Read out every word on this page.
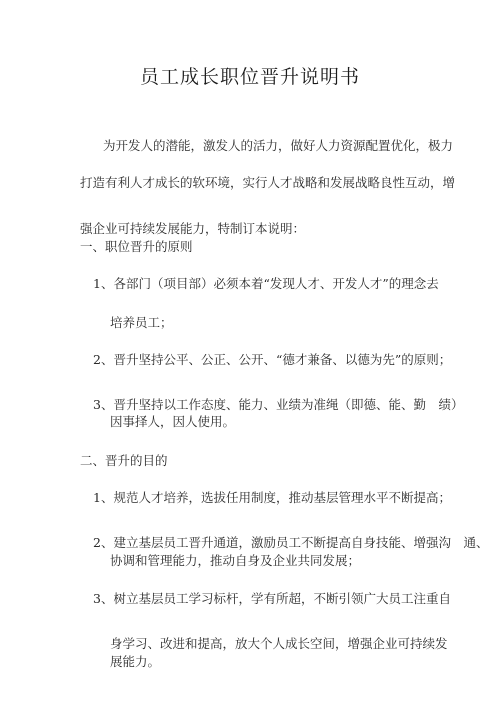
员工成长职位晋升说明书
为开发人的潜能，激发人的活力，做好人力资源配置优化，极力
打造有利人才成长的软环境，实行人才战略和发展战略良性互动，增
强企业可持续发展能力，特制订本说明：
一、职位晋升的原则
1、各部门（项目部）必须本着“发现人才、开发人才”的理念去
培养员工；
2、晋升坚持公平、公正、公开、“德才兼备、以德为先”的原则；
3、晋升坚持以工作态度、能力、业绩为准绳（即德、能、勤　绩）
因事择人，因人使用。
二、晋升的目的
1、规范人才培养，选拔任用制度，推动基层管理水平不断提高；
2、建立基层员工晋升通道，激励员工不断提高自身技能、增强沟　通、
协调和管理能力，推动自身及企业共同发展；
3、树立基层员工学习标杆，学有所超，不断引领广大员工注重自
身学习、改进和提高，放大个人成长空间，增强企业可持续发
展能力。
